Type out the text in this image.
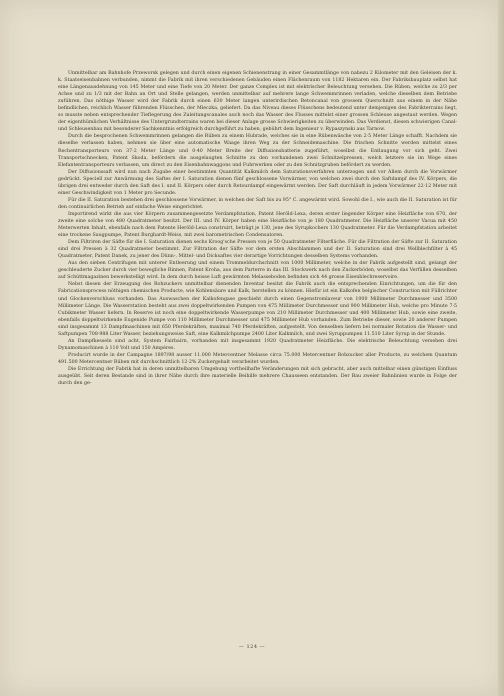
Unmittelbar am Bahnhofe Przeworsk gelegen und durch einen eigenen Schienenstrang in einer Gesammtlänge von nahezu 2 Kilometer mit den Geleisen der k. k. Staatseisenbahnen verbunden, nimmt die Fabrik mit ihren verschiedenen Gebäuden einen Flächenraum von 1182 Hektaren ein. Der Fabriksbauplatz selbst hat eine Längenausdehnung von 145 Meter und eine Tiefe von 20 Meter. Der ganze Complex ist mit elektrischer Beleuchtung versehen. Die Rüben, welche zu 2/3 per Achse und zu 1/3 mit der Bahn an Ort und Stelle gelangen, werden unmittelbar auf mehrere lange Schwemmrinnen verladen, welche dieselben dem Betriebe zuführen. Das nöthige Wasser wird der Fabrik durch einen 630 Meter langen unterirdischen Betoncanal von grossem Querschnitt aus einem in der Nähe befindlichen, reichlich Wasser führenden Flüsschen, der Mleczka, geliefert. Da das Niveau dieses Flüsschens bedeutend unter demjenigen des Fabrikterrains liegt, so musste neben entsprechender Tieflegerung des Zuleitungscanales auch noch das Wasser des Flusses mittelst einer grossen Schleuse angestaut werden. Wegen der eigenthümlichen Verhältnisse des Untergrundterrains waren bei dieser Anlage grosse Schwierigkeiten zu überwinden. Das Verdienst, diesen schwierigen Canal- und Schleusenbau mit besonderer Sachkenntnis erfolgreich durchgeführt zu haben, gebührt dem Ingenieur v. Rypaszynski aus Tarnow.

Durch die besprochenen Schwemmrinnen gelangen die Rüben zu einem Hubrade, welches sie in eine Rübenwäsche von 2·5 Meter Länge schafft. Nachdem sie dieselbe verlassen haben, nehmen sie über eine automatische Waage ihren Weg zu der Schneidemaschine. Die frischen Schnitte werden mittelst eines Rechentransporteurs von 37·2 Meter Länge und 0·40 Meter Breite der Diffusionsbatterie zugeführt, woselbst die Entlaugung vor sich geht. Zwei Transportschnecken, Patent Skoda, befördern die ausgelaugten Schnitte zu den vorhandenen zwei Schnitzelpressen, welch letztere sie im Wege eines Elefantentransporteurs verlassen, um direct zu den Eisenbahnwaggons und Fuhrwerken oder zu den Schnitzgruben befördert zu werden.

Der Diffusionssaft wird nun nach Zugabe einer bestimmten Quantität Kalkmilch dem Saturationsverfahren unterzogen und vor Allem durch die Vorwärmer gedrückt. Speciell zur Anwärmung des Saftes der I. Saturation dienen fünf geschlossene Vorwärmer, von welchen zwei durch den Saftdampf des IV. Körpers, die übrigen drei entweder durch den Saft des I. und II. Körpers oder durch Retourdampf eingewärmt werden. Der Saft durchläuft in jedem Vorwärmer 22·12 Meter mit einer Geschwindigkeit von 1 Meter pro Secunde.

Für die II. Saturation bestehen drei geschlossene Vorwärmer, in welchen der Saft bis zu 95° C. angewärmt wird. Sowohl die I., wie auch die II. Saturation ist für den continuirlichen Betrieb auf einfache Weise eingerichtet.

Importirend wirkt die aus vier Körpern zusammengesetzte Verdampfstation, Patent Heröld-Lexa, deren erster liegender Körper eine Heizfläche von 670, der zweite eine solche von 480 Quadratmeter besitzt. Der III. und IV. Körper haben eine Heizfläche von je 180 Quadratmeter. Die Heizfläche unserer Vacua mit 450 Meterwerten Inhalt, ebenfalls nach dem Patente Heröld-Lexa construirt, beträgt je 130, jene des Syrupkochers 130 Quadratmeter. Für die Verdampfstation arbeitet eine trockene Saugpumpe, Patent Burghardt-Weiss, mit zwei barometrischen Condensatoren.

Dem Filtriren der Säfte für die I. Saturation dienen sechs Kroog'sche Pressen von je 50 Quadratmeter Filterfläche. Für die Filtration der Säfte zur II. Saturation sind drei Pressen à 32 Quadratmeter bestimmt. Zur Filtration der Säfte vor dem ersten Abschlammen und der II. Saturation sind drei Wellblechfilter à 45 Quadratmeter, Patent Danek, zu jener des Dünn-, Mittel- und Dicksaftes vier derartige Vorrichtungen desselben Systems vorhanden.

Aus den sieben Centrifugen mit unterer Entleerung und einem Trommeldurchschnitt von 1000 Millimeter, welche in der Fabrik aufgestellt sind, gelangt der geschleuderte Zucker durch vier bewegliche Rinnen, Patent Kroha, aus dem Parterre in das III. Stockwerk nach den Zuckerböden, woselbst das Verfüllen desselben auf Schüttmagazinen bewerkstelligt wird. In dem durch heisse Luft gewärmten Melasseboden befinden sich 44 grosse Eisenblechreservoire.

Nebst diesen der Erzeugung des Rohzuckers unmittelbar dienenden Inventar besitzt die Fabrik auch die entsprechenden Einrichtungen, um die für den Fabricationsprocess nöthigen chemischen Producte, wie Kohlensäure und Kalk, herstellen zu können. Hiefür ist ein Kalkofen belgischer Construction mit Füllrichter und Glockenverschluss vorhanden. Das Auswaschen der Kalkofengase geschieht durch einen Gegenstromlaveur von 1000 Millimeter Durchmesser und 3500 Millimeter Länge. Die Wasserstation besteht aus zwei doppeltwirkenden Pumpen von 475 Millimeter Durchmesser und 900 Millimeter Hub, welche pro Minute 7·5 Cubikmeter Wasser liefern. In Reserve ist noch eine doppeltwirkende Wasserpumpe von 210 Millimeter Durchmesser und 400 Millimeter Hub, sowie eine zweite, ebenfalls doppeltwirkende Eugenide Pumpe von 110 Millimeter Durchmesser und 475 Millimeter Hub vorhanden. Zum Betriebe dieser, sowie 20 anderer Pumpen sind insgesammt 13 Dampfmaschinen mit 650 Pferdekräften, maximal 740 Pferdekräften, aufgestellt. Von denselben liefern bei normaler Rotation die Wasser- und Saftpumpen 708·988 Liter Wasser, beziehungsweise Saft, eine Kalkmilchpumpe 2400 Liter Kalkmilch, und zwei Syruppumpen 11.510 Liter Syrup in der Stunde.

An Dampfkesseln sind acht, System Fairbairn, vorhanden mit insgesammt 1920 Quadratmeter Heizfläche. Die elektrische Beleuchtung versehen drei Dynamomaschinen à 110 Volt und 150 Ampères.

Producirt wurde in der Campagne 1897/98 ausser 11.000 Metercentner Melasse circa 75.000 Metercentner Rohzucker aller Producte, zu welchem Quantum 491.500 Metercentner Rüben mit durchschnittlich 12·2% Zuckergehalt verarbeitet wurden.

Die Errichtung der Fabrik hat in deren unmittelbaren Umgebung vortheilhafte Veränderungen mit sich gebracht, aber auch mittelbar einen günstigen Einfluss ausgeübt. Seit deren Bestande sind in ihrer Nähe durch ihre materielle Beihilfe mehrere Chausseen entstanden. Der Bau zweier Bahnlinien wurde in Folge der durch den ge-

— 124 —
